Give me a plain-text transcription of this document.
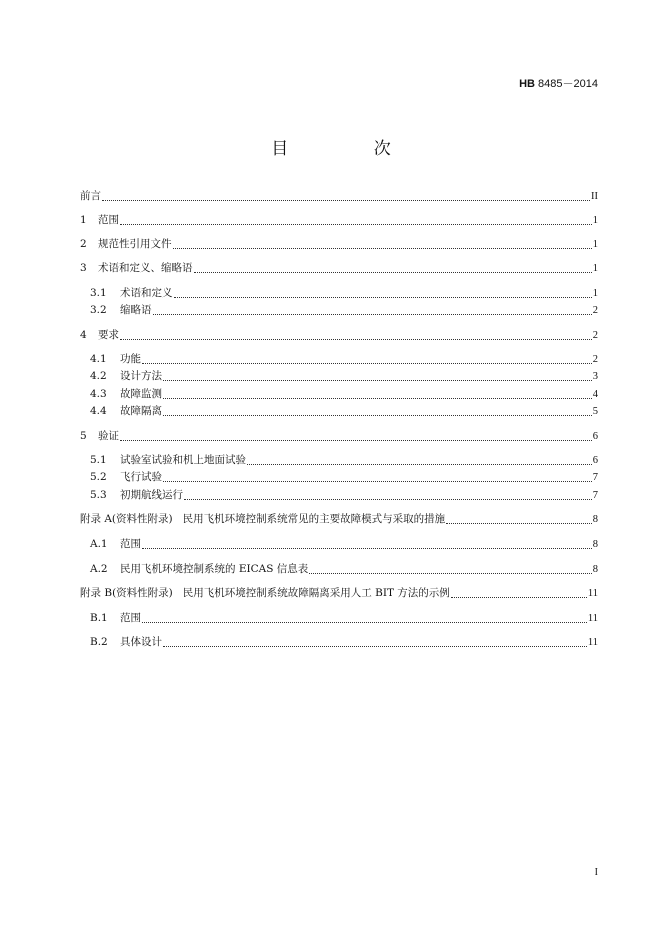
HB 8485－2014
目 次
前言	II
1	范围	1
2	规范性引用文件	1
3	术语和定义、缩略语	1
3.1	术语和定义	1
3.2	缩略语	2
4	要求	2
4.1	功能	2
4.2	设计方法	3
4.3	故障监测	4
4.4	故障隔离	5
5	验证	6
5.1	试验室试验和机上地面试验	6
5.2	飞行试验	7
5.3	初期航线运行	7
附录 A (资料性附录) 民用飞机环境控制系统常见的主要故障模式与采取的措施	8
A.1	范围	8
A.2	民用飞机环境控制系统的 EICAS 信息表	8
附录 B (资料性附录) 民用飞机环境控制系统故障隔离采用人工 BIT 方法的示例	11
B.1	范围	11
B.2	具体设计	11
I
